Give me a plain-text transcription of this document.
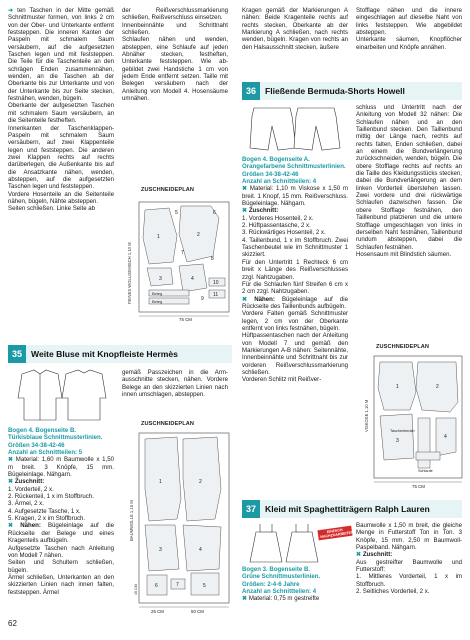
➜ ten Taschen in der Mitte gemäß Schnittmuster formen, von links 2 cm von der Ober- und Unterkante entfernt feststeppen. Die inneren Kanten der Paspeln mit schmalem Saum versäubern, auf die aufgesetzten Taschen legen und mit feststeppen. Die Teile für die Taschenteile an den schrägen Enden zusammennähen, wenden, an die Taschen ab der Oberkante bis zur Unterkante und von der Unterkante bis zur Seite stecken, festnähen, wenden, bügeln.

Oberkante der aufgesetzten Taschen mit schmalem Saum versäubern, an die Seitenteile festheften.

Innenkanten der Taschenklappen-Paspeln mit schmalem Saum versäubern, auf zwei Klappenteile legen und feststeppen. Die anderen zwei Klappen rechts auf rechts darüberlegen, die Außenkante bis auf die Ansatzkante nähen, wenden, absteppen, auf die aufgesetzten Taschen legen und feststeppen.

Vordere Hosenteile an die Seitenteile nähen, bügeln, Nähte absteppen.

Seiten schließen. Linke Seite ab

der Reißverschlussmarkierung schließen, Reißverschluss einsetzen.

Innenbeinnähte und Schrittnaht schließen.

Schlaufen nähen und wenden, absteppen, eine Schlaufe auf jeden Abnäher stecken, festheften, Unterkante feststeppen. Wie abgebildet zwei Handstiche 1 cm von jedem Ende entfernt setzen. Taille mit Belegen versäubern nach der Anleitung von Modell 4. Hosensäume umnähen.

ZUSCHNEIDEPLAN
FEINES WOLLGEMISCH 1,10 M
1	2
3	4
5	6
7
8
9
10
11
Beleg
Beleg
75 CM
35	Weite Bluse mit Knopfleiste Hermès

Bogen 4. Bogenseite B.

Türkisblaue Schnittmusterlinien.

Größen 34-38-42-46

Anzahl an Schnittteilen: 5

✖ Material: 1,60 m Baumwolle x 1,50 m breit. 3 Knöpfe, 15 mm. Bügeleinlage. Nähgarn.

✖ Zuschnitt:

1. Vorderteil, 2 x.

2. Rückenteil, 1 x im Stoffbruch.

3. Ärmel, 2 x.

4. Aufgesetzte Tasche, 1 x.

5. Kragen, 2 x im Stoffbruch.

✖ Nähen: Bügeleinlage auf die Rückseite der Belege und eines Kragenteils aufbügeln.

Aufgesetzte Taschen nach Anleitung von Modell 7 nähen.

Seiten und Schultern schließen, bügeln.

Ärmel schließen, Unterkanten an den skizzierten Linien nach innen falten, feststeppen. Ärmel

gemäß Passzeichen in die Armausschnitte stecken, nähen. Vordere Belege an den skizzierten Linien nach innen umschlagen, absteppen.

ZUSCHNEIDEPLAN
BAUMWOLLE 1,15 M
45 CM
1	2
3	4
5
6	7
25 CM	50 CM

Kragen gemäß der Markierungen A nähen: Beide Kragenteile rechts auf rechts stecken, Oberkante ab der Markierung A schließen, nach rechts wenden, bügeln. Kragen von rechts an den Halsausschnitt stecken, äußere

Stofflage nähen und die innere eingeschlagen auf dieselbe Naht von links feststeppen. Wie abgebildet absteppen.

Unterkante säumen, Knopflöcher einarbeiten und Knöpfe annähen.

36	Fließende Bermuda-Shorts Howell

Bogen 4. Bogenseite A.

Orangefarbene Schnittmusterlinien.

Größen 34-38-42-46

Anzahl an Schnittteilen: 4

✖ Material: 1,10 m Viskose x 1,50 m breit. 1 Knopf, 15 mm. Reißverschluss. Bügeleinlage. Nähgarn.

✖ Zuschnitt:

1. Vorderes Hosenteil, 2 x.

2. Hüftpassentasche, 2 x.

3. Rückwärtiges Hosenteil, 2 x.

4. Taillenbund, 1 x im Stoffbruch. Zwei Taschenbeutel wie im Schnittmuster 1 skizziert.

Für den Untertritt 1 Rechteck 6 cm breit x Länge des Reißverschlusses zzgl. Nahtzugaben.

Für die Schlaufen fünf Streifen 6 cm x 2 cm zzgl. Nahtzugaben.

✖ Nähen: Bügeleinlage auf die Rückseite des Taillenbunds aufbügeln.

Vordere Falten gemäß Schnittmuster legen, 2 cm von der Oberkante entfernt von links festnähen, bügeln.

Hüftpassentaschen nach der Anleitung von Modell 7 und gemäß den Markierungen A-B nähen: Seitennähte, Innenbeinnähte und Schrittnaht bis zur vorderen Reißverschlussmarkierung schließen.

Vorderen Schlitz mit Reißver-

schluss und Untertritt nach der Anleitung von Modell 32 nähen: Die Schlaufen nähen und an den Taillenbund stecken. Den Taillenbund mittig der Länge nach, rechts auf rechts falten, Enden schließen, dabei an einem die Bundverlängerung zurückschneiden, wenden, bügeln. Die obere Stofflage rechts auf rechts an die Taille des Kleidungsstücks stecken, dabei die Bundverlängerung an dem linken Vorderteil überstehen lassen. Zwei vordere und drei rückwärtige Schlaufen dazwischen fassen. Die obere Stofflage festnähen, den Taillenbund platzieren und die untere Stofflage umgeschlagen von links in derselben Naht festnähen, Taillenbund rundum absteppen, dabei die Schlaufen festnähen.

Hosensaum mit Blindstich säumen.

ZUSCHNEIDEPLAN
VISKOSE 1,10 M
1	2
3
4
Taschenbeutel
Schlaufe
75 CM
37	Kleid mit Spaghettiträgern Ralph Lauren
EINFACH NACHZUARBEITEN

Bogen 3. Bogenseite B.

Grüne Schnittmusterlinien.

Größen: 2-4-6 Jahre

Anzahl an Schnittteilen: 4

✖ Material: 0,75 m gestreifte

Baumwolle x 1,50 m breit, die gleiche Menge in Futterstoff Ton in Ton. 3 Knöpfe, 15 mm. 2,50 m Baumwoll-Paspelband. Nähgarn.

✖ Zuschnitt:

Aus gestreifter Baumwolle und Futterstoff:

1. Mittleres Vorderteil, 1 x im Stoffbruch.

2. Seitliches Vorderteil, 2 x.

62
